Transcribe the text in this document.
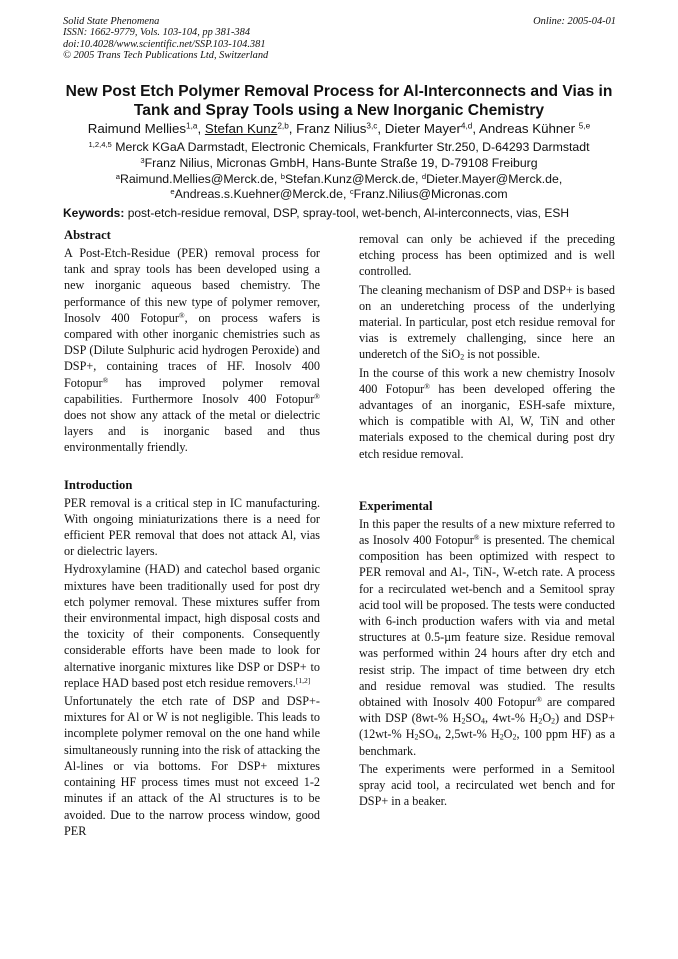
Solid State Phenomena
ISSN: 1662-9779, Vols. 103-104, pp 381-384
doi:10.4028/www.scientific.net/SSP.103-104.381
© 2005 Trans Tech Publications Ltd, Switzerland
Online: 2005-04-01
New Post Etch Polymer Removal Process for Al-Interconnects and Vias in Tank and Spray Tools using a New Inorganic Chemistry
Raimund Mellies$^{1,a}$, Stefan Kunz$^{2,b}$, Franz Nilius$^{3,c}$, Dieter Mayer$^{4,d}$, Andreas Kühner $^{5,e}$
$^{1,2,4,5}$ Merck KGaA Darmstadt, Electronic Chemicals, Frankfurter Str.250, D-64293 Darmstadt
$^3$Franz Nilius, Micronas GmbH, Hans-Bunte Straße 19, D-79108 Freiburg
$^a$Raimund.Mellies@Merck.de, $^b$Stefan.Kunz@Merck.de, $^d$Dieter.Mayer@Merck.de,
$^e$Andreas.s.Kuehner@Merck.de, $^c$Franz.Nilius@Micronas.com
Keywords: post-etch-residue removal, DSP, spray-tool, wet-bench, Al-interconnects, vias, ESH
Abstract

A Post-Etch-Residue (PER) removal process for tank and spray tools has been developed using a new inorganic aqueous based chemistry. The performance of this new type of polymer remover, Inosolv 400 Fotopur®, on process wafers is compared with other inorganic chemistries such as DSP (Dilute Sulphuric acid hydrogen Peroxide) and DSP+, containing traces of HF. Inosolv 400 Fotopur® has improved polymer removal capabilities. Furthermore Inosolv 400 Fotopur® does not show any attack of the metal or dielectric layers and is inorganic based and thus environmentally friendly.

Introduction

PER removal is a critical step in IC manufacturing. With ongoing miniaturizations there is a need for efficient PER removal that does not attack Al, vias or dielectric layers.

Hydroxylamine (HAD) and catechol based organic mixtures have been traditionally used for post dry etch polymer removal. These mixtures suffer from their environmental impact, high disposal costs and the toxicity of their components. Consequently considerable efforts have been made to look for alternative inorganic mixtures like DSP or DSP+ to replace HAD based post etch residue removers.[1,2]

Unfortunately the etch rate of DSP and DSP+-mixtures for Al or W is not negligible. This leads to incomplete polymer removal on the one hand while simultaneously running into the risk of attacking the Al-lines or via bottoms. For DSP+ mixtures containing HF process times must not exceed 1-2 minutes if an attack of the Al structures is to be avoided. Due to the narrow process window, good PER

removal can only be achieved if the preceding etching process has been optimized and is well controlled.

The cleaning mechanism of DSP and DSP+ is based on an underetching process of the underlying material. In particular, post etch residue removal for vias is extremely challenging, since here an underetch of the SiO$_2$ is not possible.

In the course of this work a new chemistry Inosolv 400 Fotopur® has been developed offering the advantages of an inorganic, ESH-safe mixture, which is compatible with Al, W, TiN and other materials exposed to the chemical during post dry etch residue removal.

Experimental

In this paper the results of a new mixture referred to as Inosolv 400 Fotopur® is presented. The chemical composition has been optimized with respect to PER removal and Al-, TiN-, W-etch rate. A process for a recirculated wet-bench and a Semitool spray acid tool will be proposed. The tests were conducted with 6-inch production wafers with via and metal structures at 0.5-µm feature size. Residue removal was performed within 24 hours after dry etch and resist strip. The impact of time between dry etch and residue removal was studied. The results obtained with Inosolv 400 Fotopur® are compared with DSP (8wt-% $H_2SO_4$, 4wt-% $H_2O_2$) and DSP+ (12wt-% $H_2SO_4$, 2,5wt-% $H_2O_2$, 100 ppm HF) as a benchmark.

The experiments were performed in a Semitool spray acid tool, a recirculated wet bench and for DSP+ in a beaker.
